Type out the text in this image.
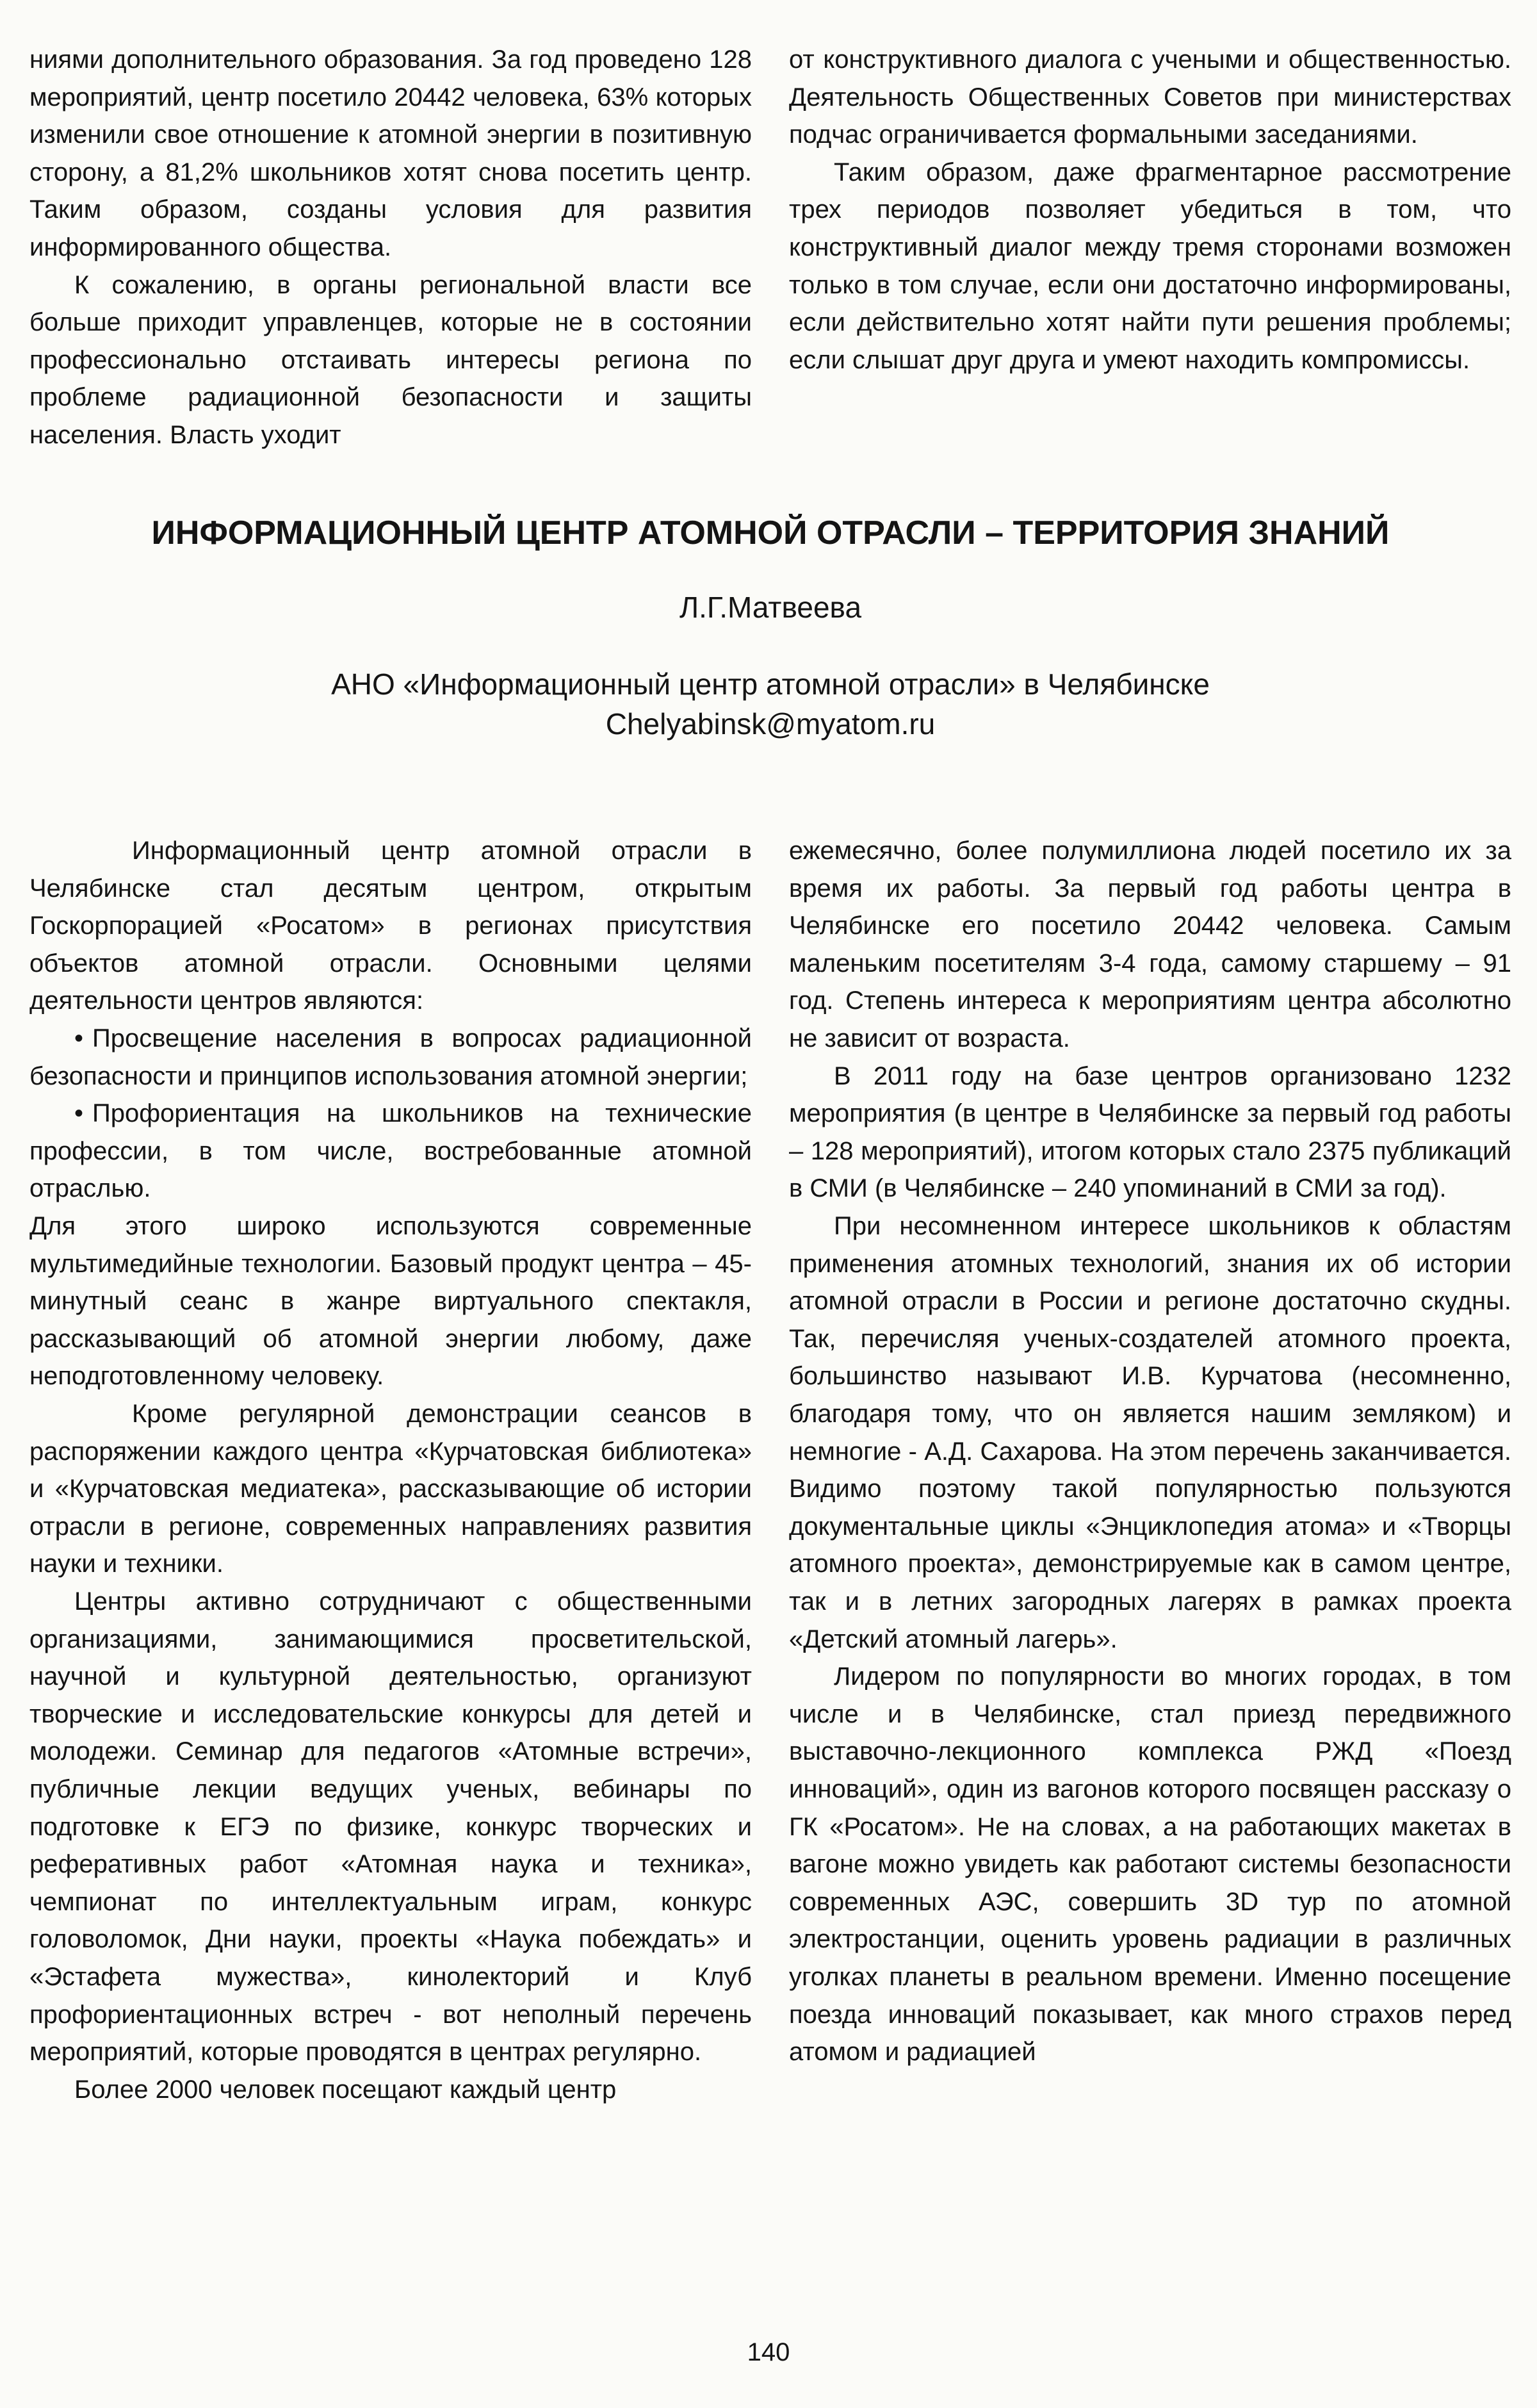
ниями дополнительного образования. За год проведено 128 мероприятий, центр посетило 20442 человека, 63% которых изменили свое отношение к атомной энергии в позитивную сторону, а 81,2% школьников хотят снова посетить центр. Таким образом, созданы условия для развития информированного общества.

К сожалению, в органы региональной власти все больше приходит управленцев, которые не в состоянии профессионально отстаивать интересы региона по проблеме радиационной безопасности и защиты населения. Власть уходит

от конструктивного диалога с учеными и общественностью. Деятельность Общественных Советов при министерствах подчас ограничивается формальными заседаниями.

Таким образом, даже фрагментарное рассмотрение трех периодов позволяет убедиться в том, что конструктивный диалог между тремя сторонами возможен только в том случае, если они достаточно информированы, если действительно хотят найти пути решения проблемы; если слышат друг друга и умеют находить компромиссы.

ИНФОРМАЦИОННЫЙ ЦЕНТР АТОМНОЙ ОТРАСЛИ – ТЕРРИТОРИЯ ЗНАНИЙ
Л.Г.Матвеева
АНО «Информационный центр атомной отрасли» в Челябинске
Chelyabinsk@myatom.ru

Информационный центр атомной отрасли в Челябинске стал десятым центром, открытым Госкорпорацией «Росатом» в регионах присутствия объектов атомной отрасли. Основными целями деятельности центров являются:

• Просвещение населения в вопросах радиационной безопасности и принципов использования атомной энергии;

• Профориентация на школьников на технические профессии, в том числе, востребованные атомной отраслью.

Для этого широко используются современные мультимедийные технологии. Базовый продукт центра – 45-минутный сеанс в жанре виртуального спектакля, рассказывающий об атомной энергии любому, даже неподготовленному человеку.

Кроме регулярной демонстрации сеансов в распоряжении каждого центра «Курчатовская библиотека» и «Курчатовская медиатека», рассказывающие об истории отрасли в регионе, современных направлениях развития науки и техники.

Центры активно сотрудничают с общественными организациями, занимающимися просветительской, научной и культурной деятельностью, организуют творческие и исследовательские конкурсы для детей и молодежи. Семинар для педагогов «Атомные встречи», публичные лекции ведущих ученых, вебинары по подготовке к ЕГЭ по физике, конкурс творческих и реферативных работ «Атомная наука и техника», чемпионат по интеллектуальным играм, конкурс головоломок, Дни науки, проекты «Наука побеждать» и «Эстафета мужества», кинолекторий и Клуб профориентационных встреч - вот неполный перечень мероприятий, которые проводятся в центрах регулярно.

Более 2000 человек посещают каждый центр

ежемесячно, более полумиллиона людей посетило их за время их работы. За первый год работы центра в Челябинске его посетило 20442 человека. Самым маленьким посетителям 3-4 года, самому старшему – 91 год. Степень интереса к мероприятиям центра абсолютно не зависит от возраста.

В 2011 году на базе центров организовано 1232 мероприятия (в центре в Челябинске за первый год работы – 128 мероприятий), итогом которых стало 2375 публикаций в СМИ (в Челябинске – 240 упоминаний в СМИ за год).

При несомненном интересе школьников к областям применения атомных технологий, знания их об истории атомной отрасли в России и регионе достаточно скудны. Так, перечисляя ученых-создателей атомного проекта, большинство называют И.В. Курчатова (несомненно, благодаря тому, что он является нашим земляком) и немногие - А.Д. Сахарова. На этом перечень заканчивается. Видимо поэтому такой популярностью пользуются документальные циклы «Энциклопедия атома» и «Творцы атомного проекта», демонстрируемые как в самом центре, так и в летних загородных лагерях в рамках проекта «Детский атомный лагерь».

Лидером по популярности во многих городах, в том числе и в Челябинске, стал приезд передвижного выставочно-лекционного комплекса РЖД «Поезд инноваций», один из вагонов которого посвящен рассказу о ГК «Росатом». Не на словах, а на работающих макетах в вагоне можно увидеть как работают системы безопасности современных АЭС, совершить 3D тур по атомной электростанции, оценить уровень радиации в различных уголках планеты в реальном времени. Именно посещение поезда инноваций показывает, как много страхов перед атомом и радиацией

140
